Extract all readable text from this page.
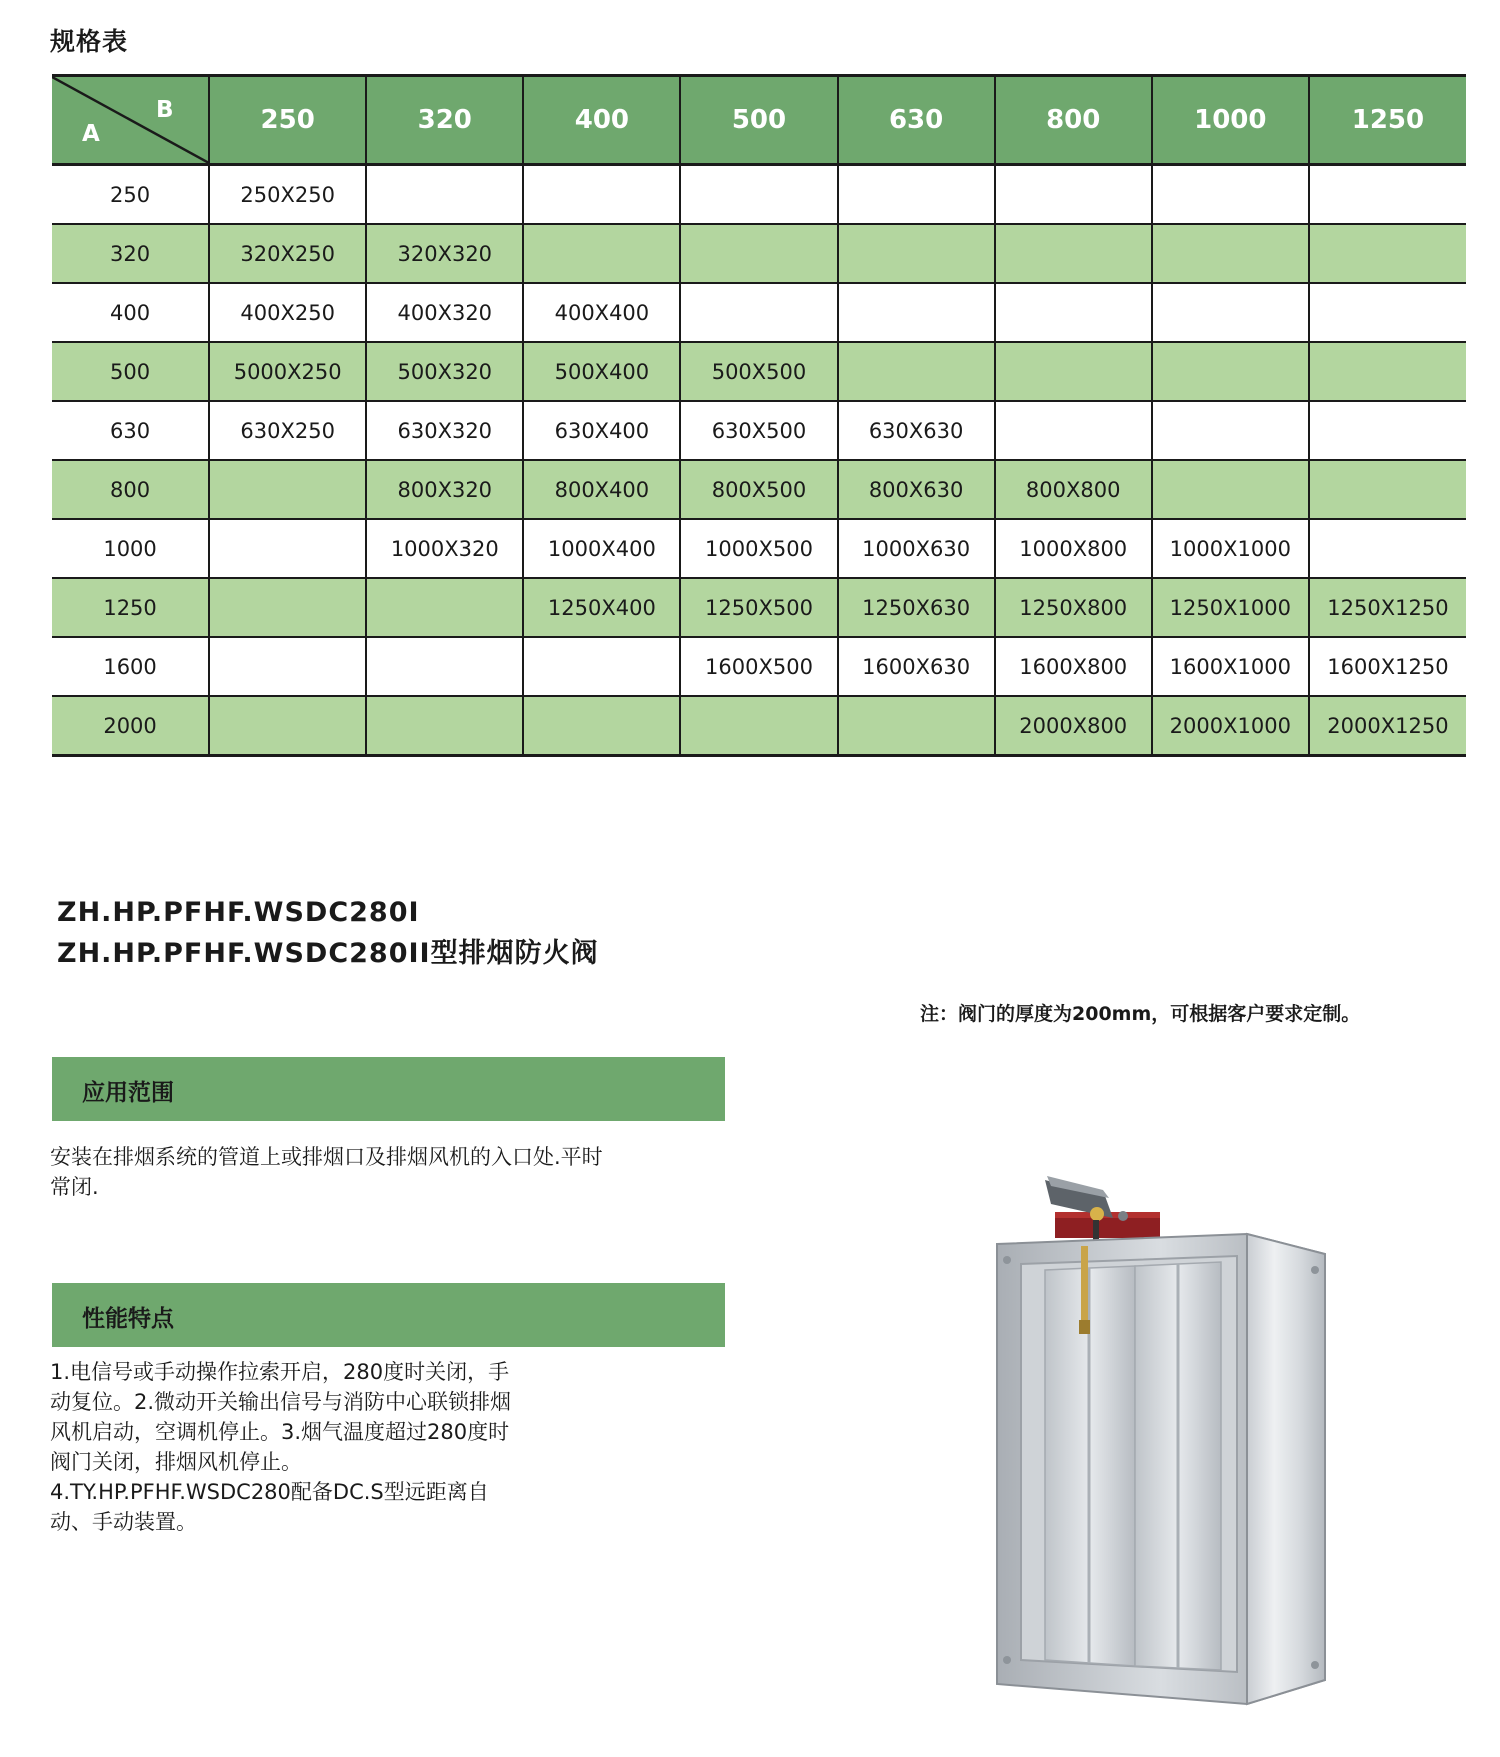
规格表
A
B	250	320	400	500	630	800	1000	1250
250	250X250							
320	320X250	320X320						
400	400X250	400X320	400X400					
500	5000X250	500X320	500X400	500X500				
630	630X250	630X320	630X400	630X500	630X630			
800		800X320	800X400	800X500	800X630	800X800		
1000		1000X320	1000X400	1000X500	1000X630	1000X800	1000X1000	
1250			1250X400	1250X500	1250X630	1250X800	1250X1000	1250X1250
1600				1600X500	1600X630	1600X800	1600X1000	1600X1250
2000						2000X800	2000X1000	2000X1250
ZH.HP.PFHF.WSDC280I
ZH.HP.PFHF.WSDC280II型排烟防火阀
注：阀门的厚度为200mm，可根据客户要求定制。
应用范围

安装在排烟系统的管道上或排烟口及排烟风机的入口处.平时常闭.

性能特点
1.电信号或手动操作拉索开启，280度时关闭，手
动复位。2.微动开关输出信号与消防中心联锁排烟
风机启动，空调机停止。3.烟气温度超过280度时
阀门关闭，排烟风机停止。
4.TY.HP.PFHF.WSDC280配备DC.S型远距离自
动、手动装置。
